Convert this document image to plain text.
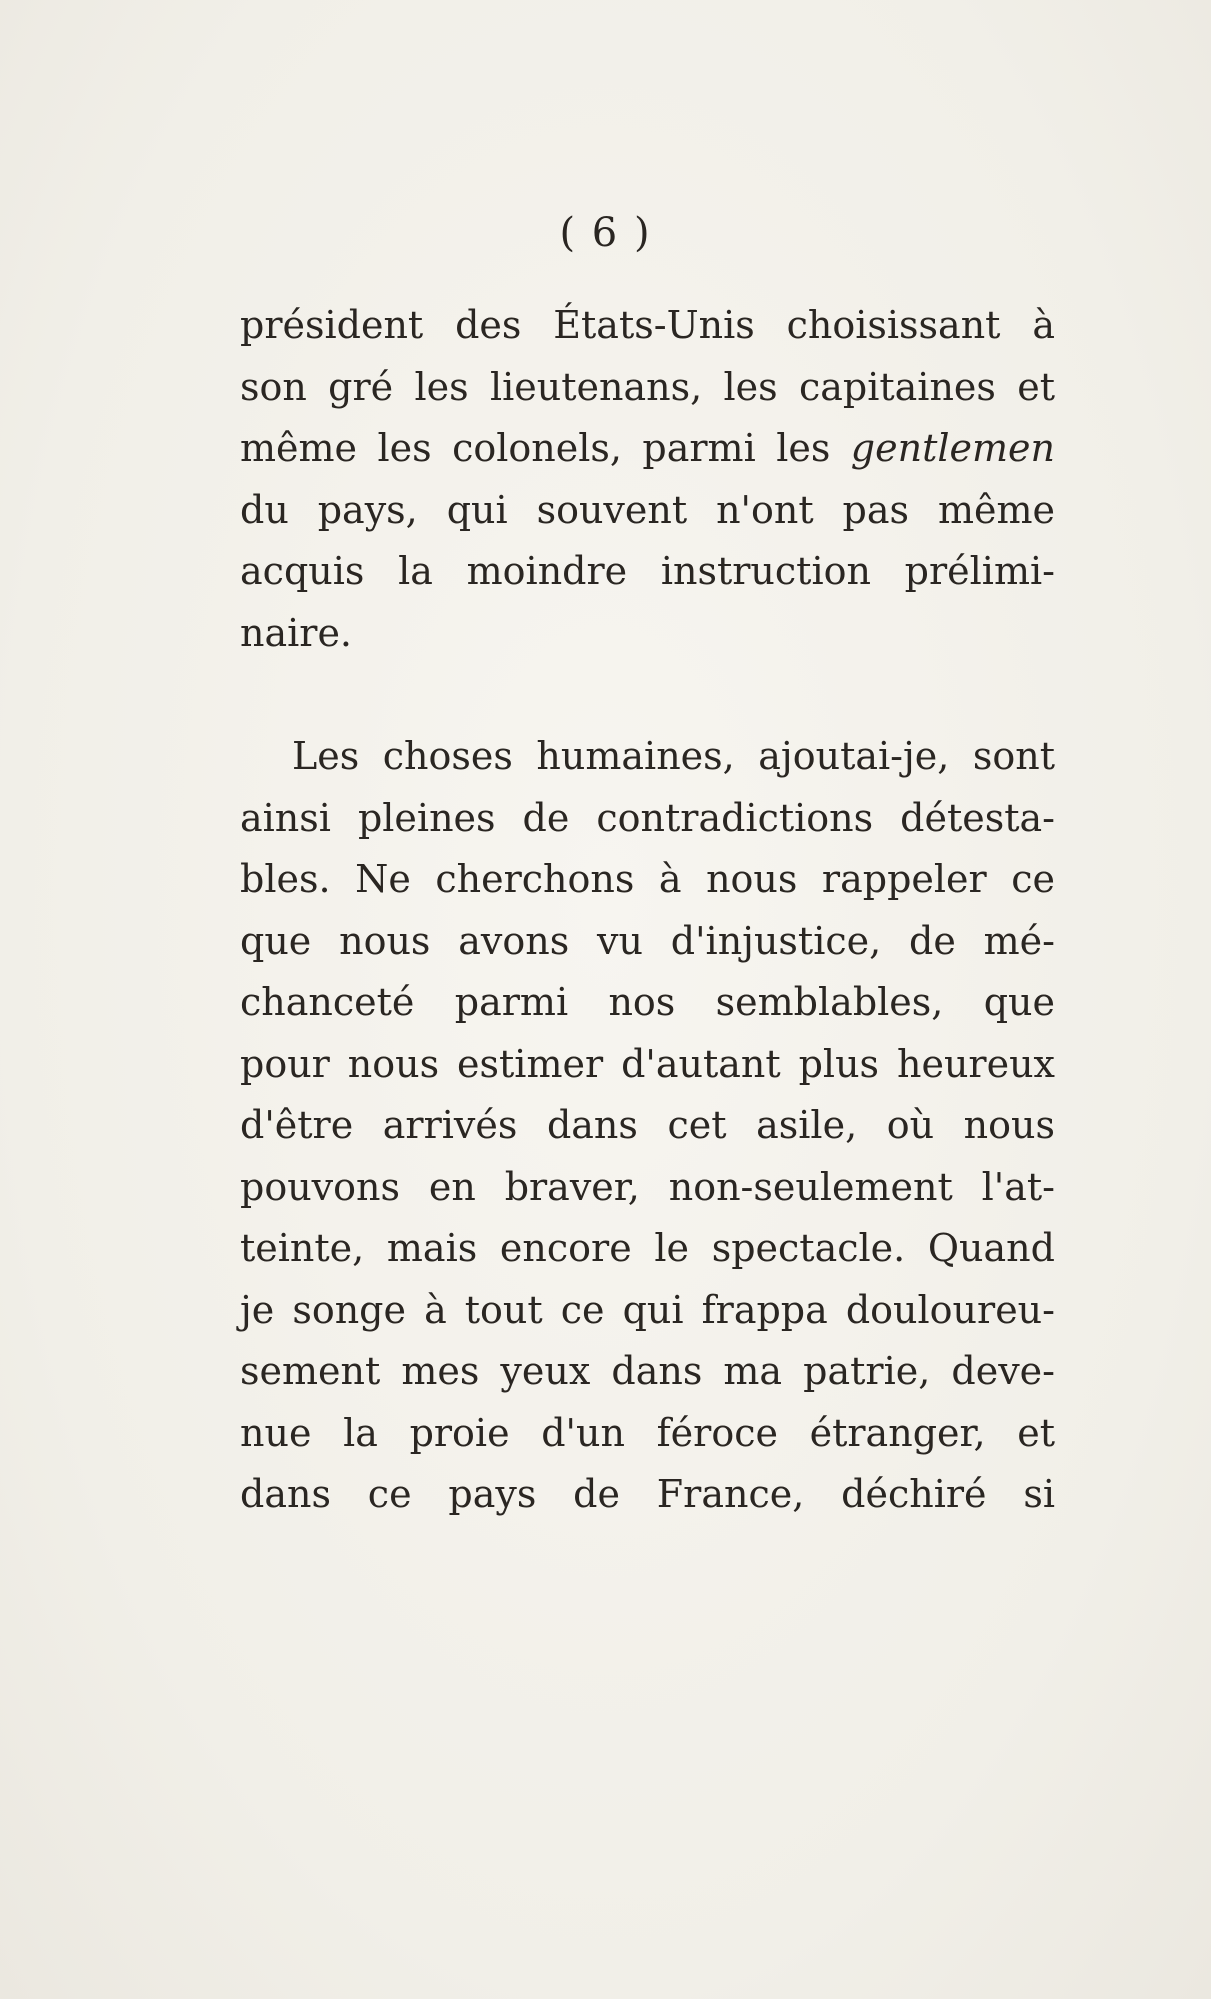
( 6 )
président des États-Unis choisissant à
son gré les lieutenans, les capitaines et
même les colonels, parmi les gentlemen
du pays, qui souvent n'ont pas même
acquis la moindre instruction prélimi-
naire.
Les choses humaines, ajoutai-je, sont
ainsi pleines de contradictions détesta-
bles. Ne cherchons à nous rappeler ce
que nous avons vu d'injustice, de mé-
chanceté parmi nos semblables, que
pour nous estimer d'autant plus heureux
d'être arrivés dans cet asile, où nous
pouvons en braver, non-seulement l'at-
teinte, mais encore le spectacle. Quand
je songe à tout ce qui frappa douloureu-
sement mes yeux dans ma patrie, deve-
nue la proie d'un féroce étranger, et
dans ce pays de France, déchiré si
